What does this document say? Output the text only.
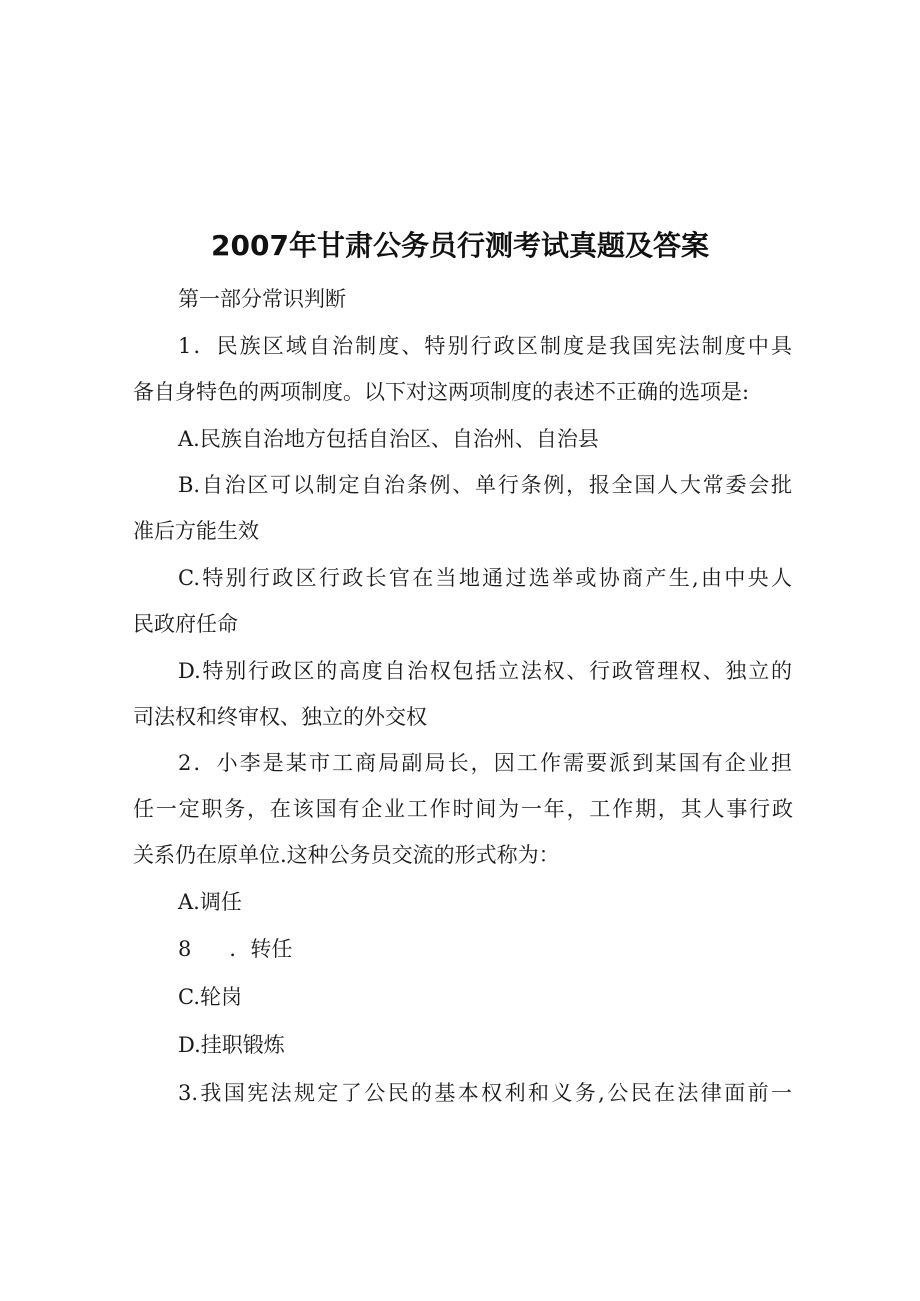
2007年甘肃公务员行测考试真题及答案

第一部分常识判断

1．民族区域自治制度、特别行政区制度是我国宪法制度中具

备自身特色的两项制度。以下对这两项制度的表述不正确的选项是:

A.民族自治地方包括自治区、自治州、自治县

B.自治区可以制定自治条例、单行条例，报全国人大常委会批

准后方能生效

C.特别行政区行政长官在当地通过选举或协商产生,由中央人

民政府任命

D.特别行政区的高度自治权包括立法权、行政管理权、独立的

司法权和终审权、独立的外交权

2．小李是某市工商局副局长，因工作需要派到某国有企业担

任一定职务，在该国有企业工作时间为一年，工作期，其人事行政

关系仍在原单位.这种公务员交流的形式称为：

A.调任

8 ．转任

C.轮岗

D.挂职锻炼

3.我国宪法规定了公民的基本权利和义务,公民在法律面前一
